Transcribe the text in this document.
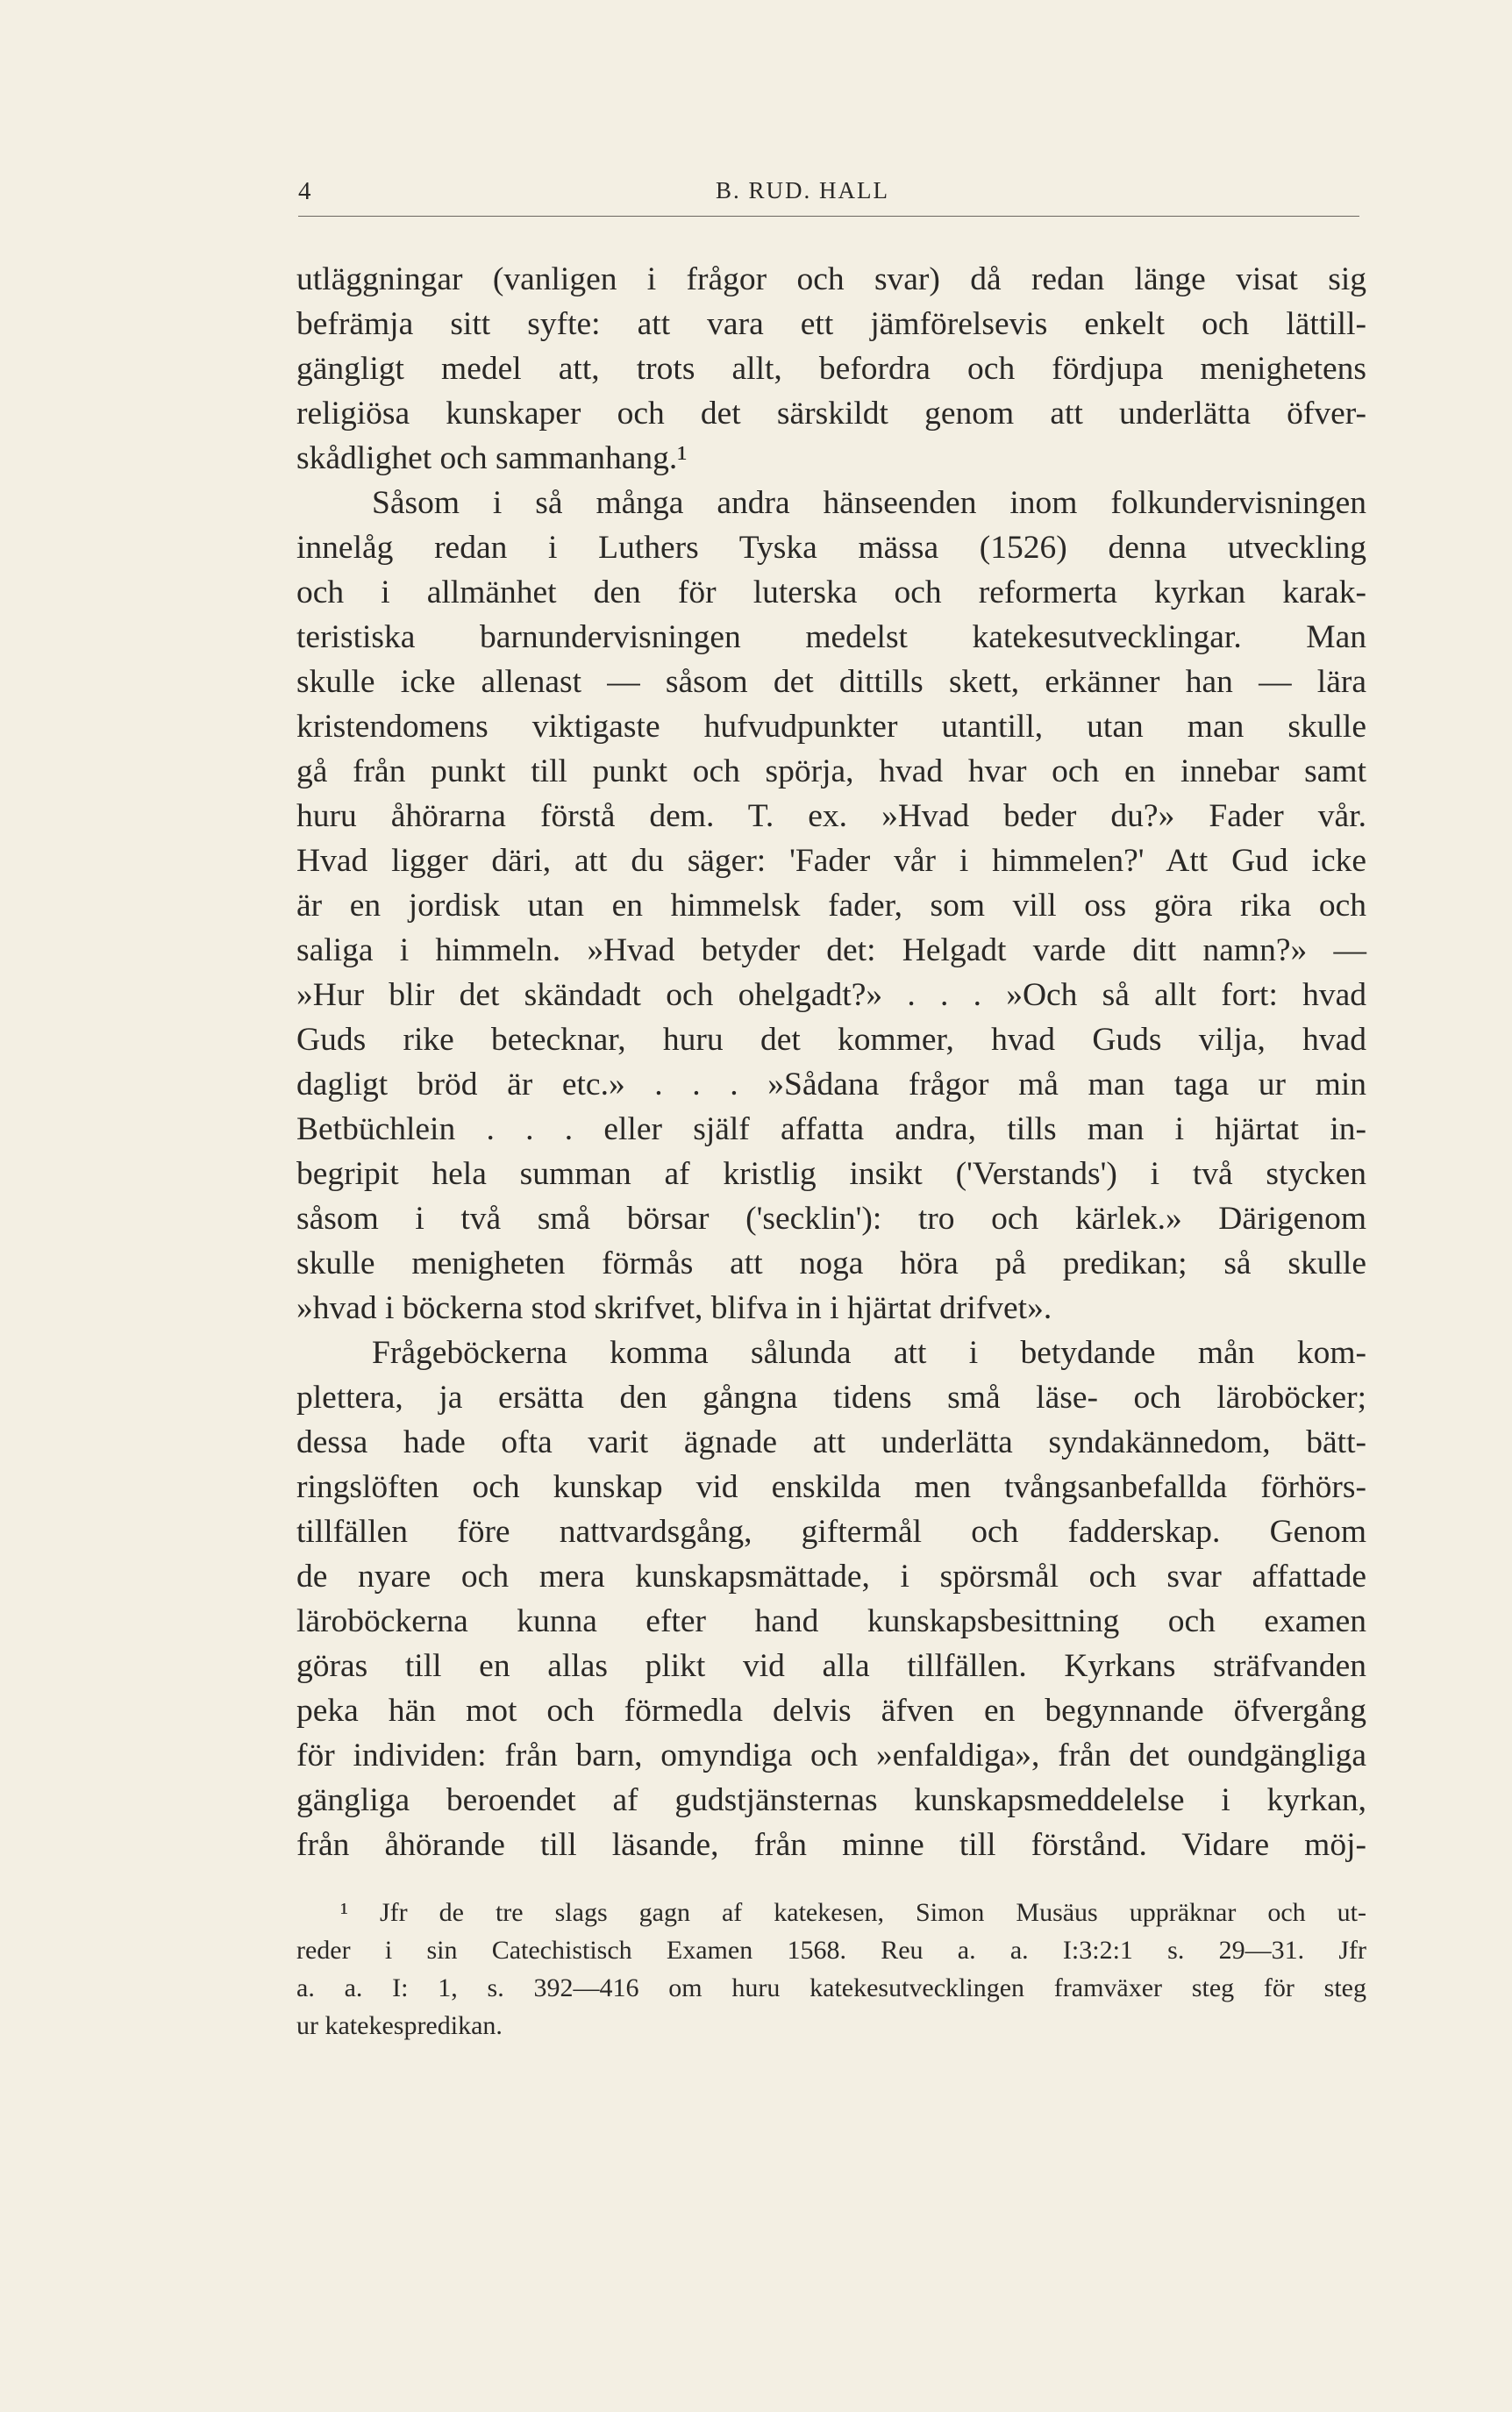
4	B. RUD. HALL
utläggningar (vanligen i frågor och svar) då redan länge visat sig
befrämja sitt syfte: att vara ett jämförelsevis enkelt och lättill-
gängligt medel att, trots allt, befordra och fördjupa menighetens
religiösa kunskaper och det särskildt genom att underlätta öfver-
skådlighet och sammanhang.¹
Såsom i så många andra hänseenden inom folkundervisningen
innelåg redan i Luthers Tyska mässa (1526) denna utveckling
och i allmänhet den för luterska och reformerta kyrkan karak-
teristiska barnundervisningen medelst katekesutvecklingar. Man
skulle icke allenast — såsom det dittills skett, erkänner han — lära
kristendomens viktigaste hufvudpunkter utantill, utan man skulle
gå från punkt till punkt och spörja, hvad hvar och en innebar samt
huru åhörarna förstå dem. T. ex. »Hvad beder du?» Fader vår.
Hvad ligger däri, att du säger: 'Fader vår i himmelen?' Att Gud icke
är en jordisk utan en himmelsk fader, som vill oss göra rika och
saliga i himmeln. »Hvad betyder det: Helgadt varde ditt namn?» —
»Hur blir det skändadt och ohelgadt?» . . . »Och så allt fort: hvad
Guds rike betecknar, huru det kommer, hvad Guds vilja, hvad
dagligt bröd är etc.» . . . »Sådana frågor må man taga ur min
Betbüchlein . . . eller själf affatta andra, tills man i hjärtat in-
begripit hela summan af kristlig insikt ('Verstands') i två stycken
såsom i två små börsar ('secklin'): tro och kärlek.» Därigenom
skulle menigheten förmås att noga höra på predikan; så skulle
»hvad i böckerna stod skrifvet, blifva in i hjärtat drifvet».
Frågeböckerna komma sålunda att i betydande mån kom-
plettera, ja ersätta den gångna tidens små läse- och läroböcker;
dessa hade ofta varit ägnade att underlätta syndakännedom, bätt-
ringslöften och kunskap vid enskilda men tvångsanbefallda förhörs-
tillfällen före nattvardsgång, giftermål och fadderskap. Genom
de nyare och mera kunskapsmättade, i spörsmål och svar affattade
läroböckerna kunna efter hand kunskapsbesittning och examen
göras till en allas plikt vid alla tillfällen. Kyrkans sträfvanden
peka hän mot och förmedla delvis äfven en begynnande öfvergång
för individen: från barn, omyndiga och »enfaldiga», från det oundgängliga
gängliga beroendet af gudstjänsternas kunskapsmeddelelse i kyrkan,
från åhörande till läsande, från minne till förstånd. Vidare möj-
¹ Jfr de tre slags gagn af katekesen, Simon Musäus uppräknar och ut-
reder i sin Catechistisch Examen 1568. Reu a. a. I:3:2:1 s. 29—31. Jfr
a. a. I: 1, s. 392—416 om huru katekesutvecklingen framväxer steg för steg
ur katekespredikan.
